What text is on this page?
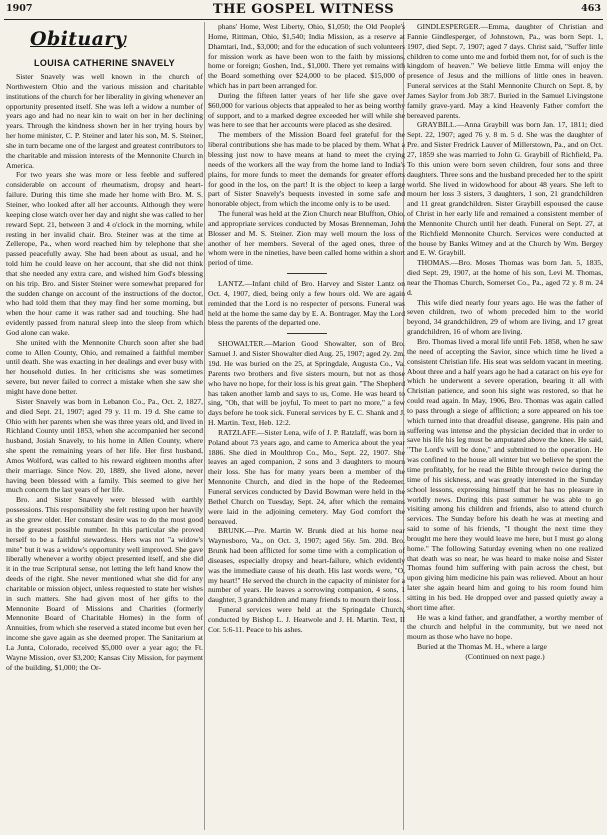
1907	THE GOSPEL WITNESS	463
Obituary
LOUISA CATHERINE SNAVELY

Sister Snavely was well known in the church of Northwestern Ohio and the various mission and charitable institutions of the church for her liberality in giving whenever an opportunity presented itself. She was left a widow a number of years ago and had no near kin to wait on her in her declining years. Through the kindness shown her in her trying hours by her home minister, C. P. Steiner and later his son, M. S. Steiner, she in turn became one of the largest and greatest contributors to the charitable and mission interests of the Mennonite Church in America.

For two years she was more or less feeble and suffered considerable on account of rheumatism, dropsy and heart-failure. During this time she made her home with Bro. M. S. Steiner, who looked after all her accounts. Although they were keeping close watch over her day and night she was called to her reward Sept. 21, between 3 and 4 o'clock in the morning, while resting in her invalid chair. Bro. Steiner was at the time at Zellerope, Pa., when word reached him by telephone that she passed peacefully away. She had been about as usual, and he told him he could leave on her account, that she did not think that she needed any extra care, and wished him God's blessing on his trip. Bro. and Sister Steiner were somewhat prepared for the sudden change on account of the instructions of the doctor, who had told them that they may find her some morning, but when the hour came it was rather sad and touching. She had evidently passed from natural sleep into the sleep from which God alone can wake.

She united with the Mennonite Church soon after she had come to Allen County, Ohio, and remained a faithful member until death. She was exacting in her dealings and ever busy with her household duties. In her criticisms she was sometimes severe, but never failed to correct a mistake when she saw she might have done better.

Sister Snavely was born in Lebanon Co., Pa., Oct. 2, 1827, and died Sept. 21, 1907; aged 79 y. 11 m. 19 d. She came to Ohio with her parents when she was three years old, and lived in Richland County until 1853, when she accompanied her second husband, Josiah Snavely, to his home in Allen County, where she spent the remaining years of her life. Her first husband, Amos Wolford, was called to his reward eighteen months after their marriage. Since Nov. 20, 1889, she lived alone, never having been blessed with a family. This seemed to give her much concern the last years of her life.

Bro. and Sister Snavely were blessed with earthly possessions. This responsibility she felt resting upon her heavily as she grew older. Her constant desire was to do the most good in the greatest possible number. In this particular she proved herself to be a faithful stewardess. Hers was not "a widow's mite" but it was a widow's opportunity well improved. She gave liberally whenever a worthy object presented itself, and she did it in the true Scriptural sense, not letting the left hand know the deeds of the right. She never mentioned what she did for any charitable or mission object, unless requested to state her wishes in such matters. She had given most of her gifts to the Mennonite Board of Missions and Charities (formerly Mennonite Board of Charitable Homes) in the form of Annuities, from which she reserved a stated income but even her income she gave again as she deemed proper. The Sanitarium at La Junta, Colorado, received $5,000 over a year ago; the Ft. Wayne Mission, over $3,200; Kansas City Mission, for payment of the building, $1,000; the Or-

phans' Home, West Liberty, Ohio, $1,050; the Old People's Home, Rittman, Ohio, $1,540; India Mission, as a reserve at Dhamtari, Ind., $3,000; and for the education of such volunteers for mission work as have been won to the faith by missions, home or foreign; Goshen, Ind., $1,000. There yet remains with the Board something over $24,000 to be placed. $15,000 of which has in part been arranged for.

During the fifteen latter years of her life she gave over $60,000 for various objects that appealed to her as being worthy of support, and to a marked degree exceeded her will while she was here to see that her accounts were placed as she desired.

The members of the Mission Board feel grateful for the liberal contributions she has made to be placed by them. What a blessing just now to have means at hand to meet the crying needs of the workers all the way from the home land to India's plains, for more funds to meet the demands for greater efforts for good in the los, on the part! It is the object to keep a large part of Sister Snavely's bequests invested in some safe and honorable object, from which the income only is to be used.

The funeral was held at the Zion Church near Bluffton, Ohio, and appropriate services conducted by Mosas Brenneman, John Blosser and M. S. Steiner. Zion may well mourn the loss of another of her members. Several of the aged ones, three of whom were in the nineties, have been called home within a short period of time.

LANTZ.—Infant child of Bro. Harvey and Sister Lantz on Oct. 4, 1907, died, being only a few hours old. We are again reminded that the Lord is no respecter of persons. Funeral was held at the home the same day by E. A. Bontrager. May the Lord bless the parents of the departed one.

SHOWALTER.—Marion Good Showalter, son of Bro. Samuel J. and Sister Showalter died Aug. 25, 1907; aged 2y. 2m. 19d. He was buried on the 25, at Springdale, Augusta Co., Va. Parents two brothers and five sisters mourn, but not as those who have no hope, for their loss is his great gain. "The Shepherd has taken another lamb and says to us, Come. He was heard to sing, "Oh, that will be joyful, To meet to part no more," a few days before he took sick. Funeral services by E. C. Shank and J. H. Martin. Text, Heb. 12:2.

RATZLAFF.—Sister Lena, wife of J. P. Ratzlaff, was born in Poland about 73 years ago, and came to America about the year 1886. She died in Moulthrop Co., Mo., Sept. 22, 1907. She leaves an aged companion, 2 sons and 3 daughters to mourn their loss. She has for many years been a member of the Mennonite Church, and died in the hope of the Redeemer. Funeral services conducted by David Bowman were held in the Bethel Church on Tuesday, Sept. 24, after which the remains were laid in the adjoining cemetery. May God comfort the bereaved.

BRUNK.—Pre. Martin W. Brunk died at his home near Waynesboro, Va., on Oct. 3, 1907; aged 56y. 5m. 20d. Bro. Brunk had been afflicted for some time with a complication of diseases, especially dropsy and heart-failure, which evidently was the immediate cause of his death. His last words were, "O, my heart!" He served the church in the capacity of minister for a number of years. He leaves a sorrowing companion, 4 sons, 1 daughter, 3 grandchildren and many friends to mourn their loss.

Funeral services were held at the Springdale Church, conducted by Bishop L. J. Heatwole and J. H. Martin. Text, II Cor. 5:6-11. Peace to his ashes.

GINDLESPERGER.—Emma, daughter of Christian and Fannie Gindlesperger, of Johnstown, Pa., was born Sept. 1, 1907, died Sept. 7, 1907; aged 7 days. Christ said, "Suffer little children to come unto me and forbid them not, for of such is the kingdom of heaven." We believe little Emma will enjoy the presence of Jesus and the millions of little ones in heaven. Funeral services at the Stahl Mennonite Church on Sept. 8, by James Saylor from Job 38:7. Buried in the Samuel Livingstone family grave-yard. May a kind Heavenly Father comfort the bereaved parents.

GRAYBILL.—Anna Graybill was born Jan. 17, 1811; died Sept. 22, 1907; aged 76 y. 8 m. 5 d. She was the daughter of Pre. and Sister Fredrick Lauver of Millerstown, Pa., and on Oct. 27, 1859 she was married to John G. Graybill of Richfield, Pa. To this union were born seven children, four sons and three daughters. Three sons and the husband preceded her to the spirit world. She lived in widowhood for about 48 years. She left to mourn her loss 3 sisters, 3 daughters, 1 son, 21 grandchildren and 11 great grandchildren. Sister Graybill espoused the cause of Christ in her early life and remained a consistent member of the Mennonite Church until her death. Funeral on Sept. 27, at the Richfield Mennonite Church. Services were conducted at the house by Banks Witney and at the Church by Wm. Bergey and E. W. Graybill.

THOMAS.—Bro. Moses Thomas was born Jan. 5, 1835, died Sept. 29, 1907, at the home of his son, Levi M. Thomas, near the Thomas Church, Somerset Co., Pa., aged 72 y. 8 m. 24 d.

This wife died nearly four years ago. He was the father of seven children, two of whom preceded him to the world beyond, 34 grandchildren, 29 of whom are living, and 17 great grandchildren, 16 of whom are living.

Bro. Thomas lived a moral life until Feb. 1858, when he saw the need of accepting the Savior, since which time he lived a consistent Christian life. His seat was seldom vacant in meeting. About three and a half years ago he had a cataract on his eye for which he underwent a severe operation, bearing it all with Christian patience, and soon his sight was restored, so that he could read again. In May, 1906, Bro. Thomas was again called to pass through a siege of affliction; a sore appeared on his toe which turned into that dreadful disease, gangrene. His pain and suffering was intense and the physician decided that in order to save his life his leg must be amputated above the knee. He said, "The Lord's will be done," and submitted to the operation. He was confined to the house all winter but we believe he spent the time profitably, for he read the Bible through twice during the time of his sickness, and was greatly interested in the Sunday school lessons, expressing himself that he has no pleasure in worldly news. During this past summer he was able to go visiting among his children and friends, also to attend church services. The Sunday before his death he was at meeting and said to some of his friends, "I thought the next time they brought me here they would leave me here, but I must go along home." The following Saturday evening when no one realized that death was so near, he was heard to make noise and Sister Thomas found him suffering with pain across the chest, but upon giving him medicine his pain was relieved. About an hour later she again heard him and going to his room found him sitting in his bed. He dropped over and passed quietly away a short time after.

He was a kind father, and grandfather, a worthy member of the church and helpful in the community, but we need not mourn as those who have no hope.

Buried at the Thomas M. H., where a large

(Continued on next page.)
